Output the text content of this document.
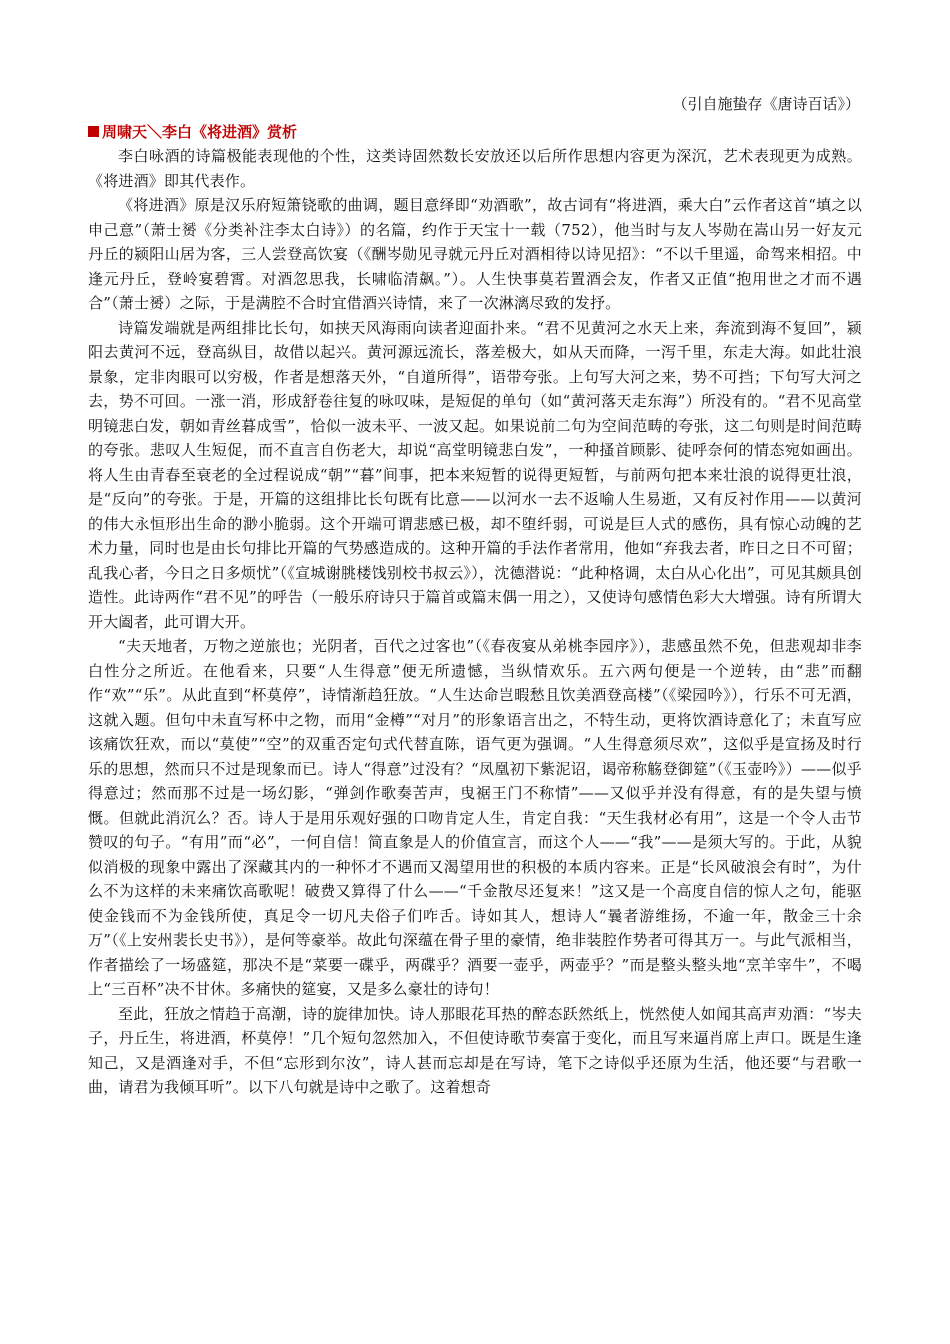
（引自施蛰存《唐诗百话》）

周啸天＼李白《将进酒》赏析

李白咏酒的诗篇极能表现他的个性，这类诗固然数长安放还以后所作思想内容更为深沉，艺术表现更为成熟。《将进酒》即其代表作。

《将进酒》原是汉乐府短箫铙歌的曲调，题目意绎即“劝酒歌”，故古词有“将进酒，乘大白”云作者这首“填之以申己意”（萧士赟《分类补注李太白诗》）的名篇，约作于天宝十一载（752），他当时与友人岑勋在嵩山另一好友元丹丘的颍阳山居为客，三人尝登高饮宴（《酬岑勋见寻就元丹丘对酒相待以诗见招》：“不以千里遥，命驾来相招。中逢元丹丘，登岭宴碧霄。对酒忽思我，长啸临清飙。”）。人生快事莫若置酒会友，作者又正值“抱用世之才而不遇合”（萧士赟）之际，于是满腔不合时宜借酒兴诗情，来了一次淋漓尽致的发抒。

诗篇发端就是两组排比长句，如挟天风海雨向读者迎面扑来。“君不见黄河之水天上来，奔流到海不复回”，颍阳去黄河不远，登高纵目，故借以起兴。黄河源远流长，落差极大，如从天而降，一泻千里，东走大海。如此壮浪景象，定非肉眼可以穷极，作者是想落天外，“自道所得”，语带夸张。上句写大河之来，势不可挡；下句写大河之去，势不可回。一涨一消，形成舒卷往复的咏叹味，是短促的单句（如“黄河落天走东海”）所没有的。“君不见高堂明镜悲白发，朝如青丝暮成雪”，恰似一波未平、一波又起。如果说前二句为空间范畴的夸张，这二句则是时间范畴的夸张。悲叹人生短促，而不直言自伤老大，却说“高堂明镜悲白发”，一种搔首顾影、徒呼奈何的情态宛如画出。将人生由青春至衰老的全过程说成“朝”“暮”间事，把本来短暂的说得更短暂，与前两句把本来壮浪的说得更壮浪，是“反向”的夸张。于是，开篇的这组排比长句既有比意——以河水一去不返喻人生易逝，又有反衬作用——以黄河的伟大永恒形出生命的渺小脆弱。这个开端可谓悲感已极，却不堕纤弱，可说是巨人式的感伤，具有惊心动魄的艺术力量，同时也是由长句排比开篇的气势感造成的。这种开篇的手法作者常用，他如“弃我去者，昨日之日不可留；乱我心者，今日之日多烦忧”（《宣城谢朓楼饯别校书叔云》），沈德潜说：“此种格调，太白从心化出”，可见其颇具创造性。此诗两作“君不见”的呼告（一般乐府诗只于篇首或篇末偶一用之），又使诗句感情色彩大大增强。诗有所谓大开大阖者，此可谓大开。

“夫天地者，万物之逆旅也；光阴者，百代之过客也”（《春夜宴从弟桃李园序》），悲感虽然不免，但悲观却非李白性分之所近。在他看来，只要“人生得意”便无所遗憾，当纵情欢乐。五六两句便是一个逆转，由“悲”而翻作“欢”“乐”。从此直到“杯莫停”，诗情渐趋狂放。“人生达命岂暇愁且饮美酒登高楼”（《梁园吟》），行乐不可无酒，这就入题。但句中未直写杯中之物，而用“金樽”“对月”的形象语言出之，不特生动，更将饮酒诗意化了；未直写应该痛饮狂欢，而以“莫使”“空”的双重否定句式代替直陈，语气更为强调。“人生得意须尽欢”，这似乎是宣扬及时行乐的思想，然而只不过是现象而已。诗人“得意”过没有？“凤凰初下紫泥诏，谒帝称觞登御筵”（《玉壶吟》）——似乎得意过；然而那不过是一场幻影，“弹剑作歌奏苦声，曳裾王门不称情”——又似乎并没有得意，有的是失望与愤慨。但就此消沉么？否。诗人于是用乐观好强的口吻肯定人生，肯定自我：“天生我材必有用”，这是一个令人击节赞叹的句子。“有用”而“必”，一何自信！简直象是人的价值宣言，而这个人——“我”——是须大写的。于此，从貌似消极的现象中露出了深藏其内的一种怀才不遇而又渴望用世的积极的本质内容来。正是“长风破浪会有时”，为什么不为这样的未来痛饮高歌呢！破费又算得了什么——“千金散尽还复来！”这又是一个高度自信的惊人之句，能驱使金钱而不为金钱所使，真足令一切凡夫俗子们咋舌。诗如其人，想诗人“曩者游维扬，不逾一年，散金三十余万”（《上安州裴长史书》），是何等豪举。故此句深蕴在骨子里的豪情，绝非装腔作势者可得其万一。与此气派相当，作者描绘了一场盛筵，那决不是“菜要一碟乎，两碟乎？酒要一壶乎，两壶乎？”而是整头整头地“烹羊宰牛”，不喝上“三百杯”决不甘休。多痛快的筵宴，又是多么豪壮的诗句！

至此，狂放之情趋于高潮，诗的旋律加快。诗人那眼花耳热的醉态跃然纸上，恍然使人如闻其高声劝酒：“岑夫子，丹丘生，将进酒，杯莫停！”几个短句忽然加入，不但使诗歌节奏富于变化，而且写来逼肖席上声口。既是生逢知己，又是酒逢对手，不但“忘形到尔汝”，诗人甚而忘却是在写诗，笔下之诗似乎还原为生活，他还要“与君歌一曲，请君为我倾耳听”。以下八句就是诗中之歌了。这着想奇
